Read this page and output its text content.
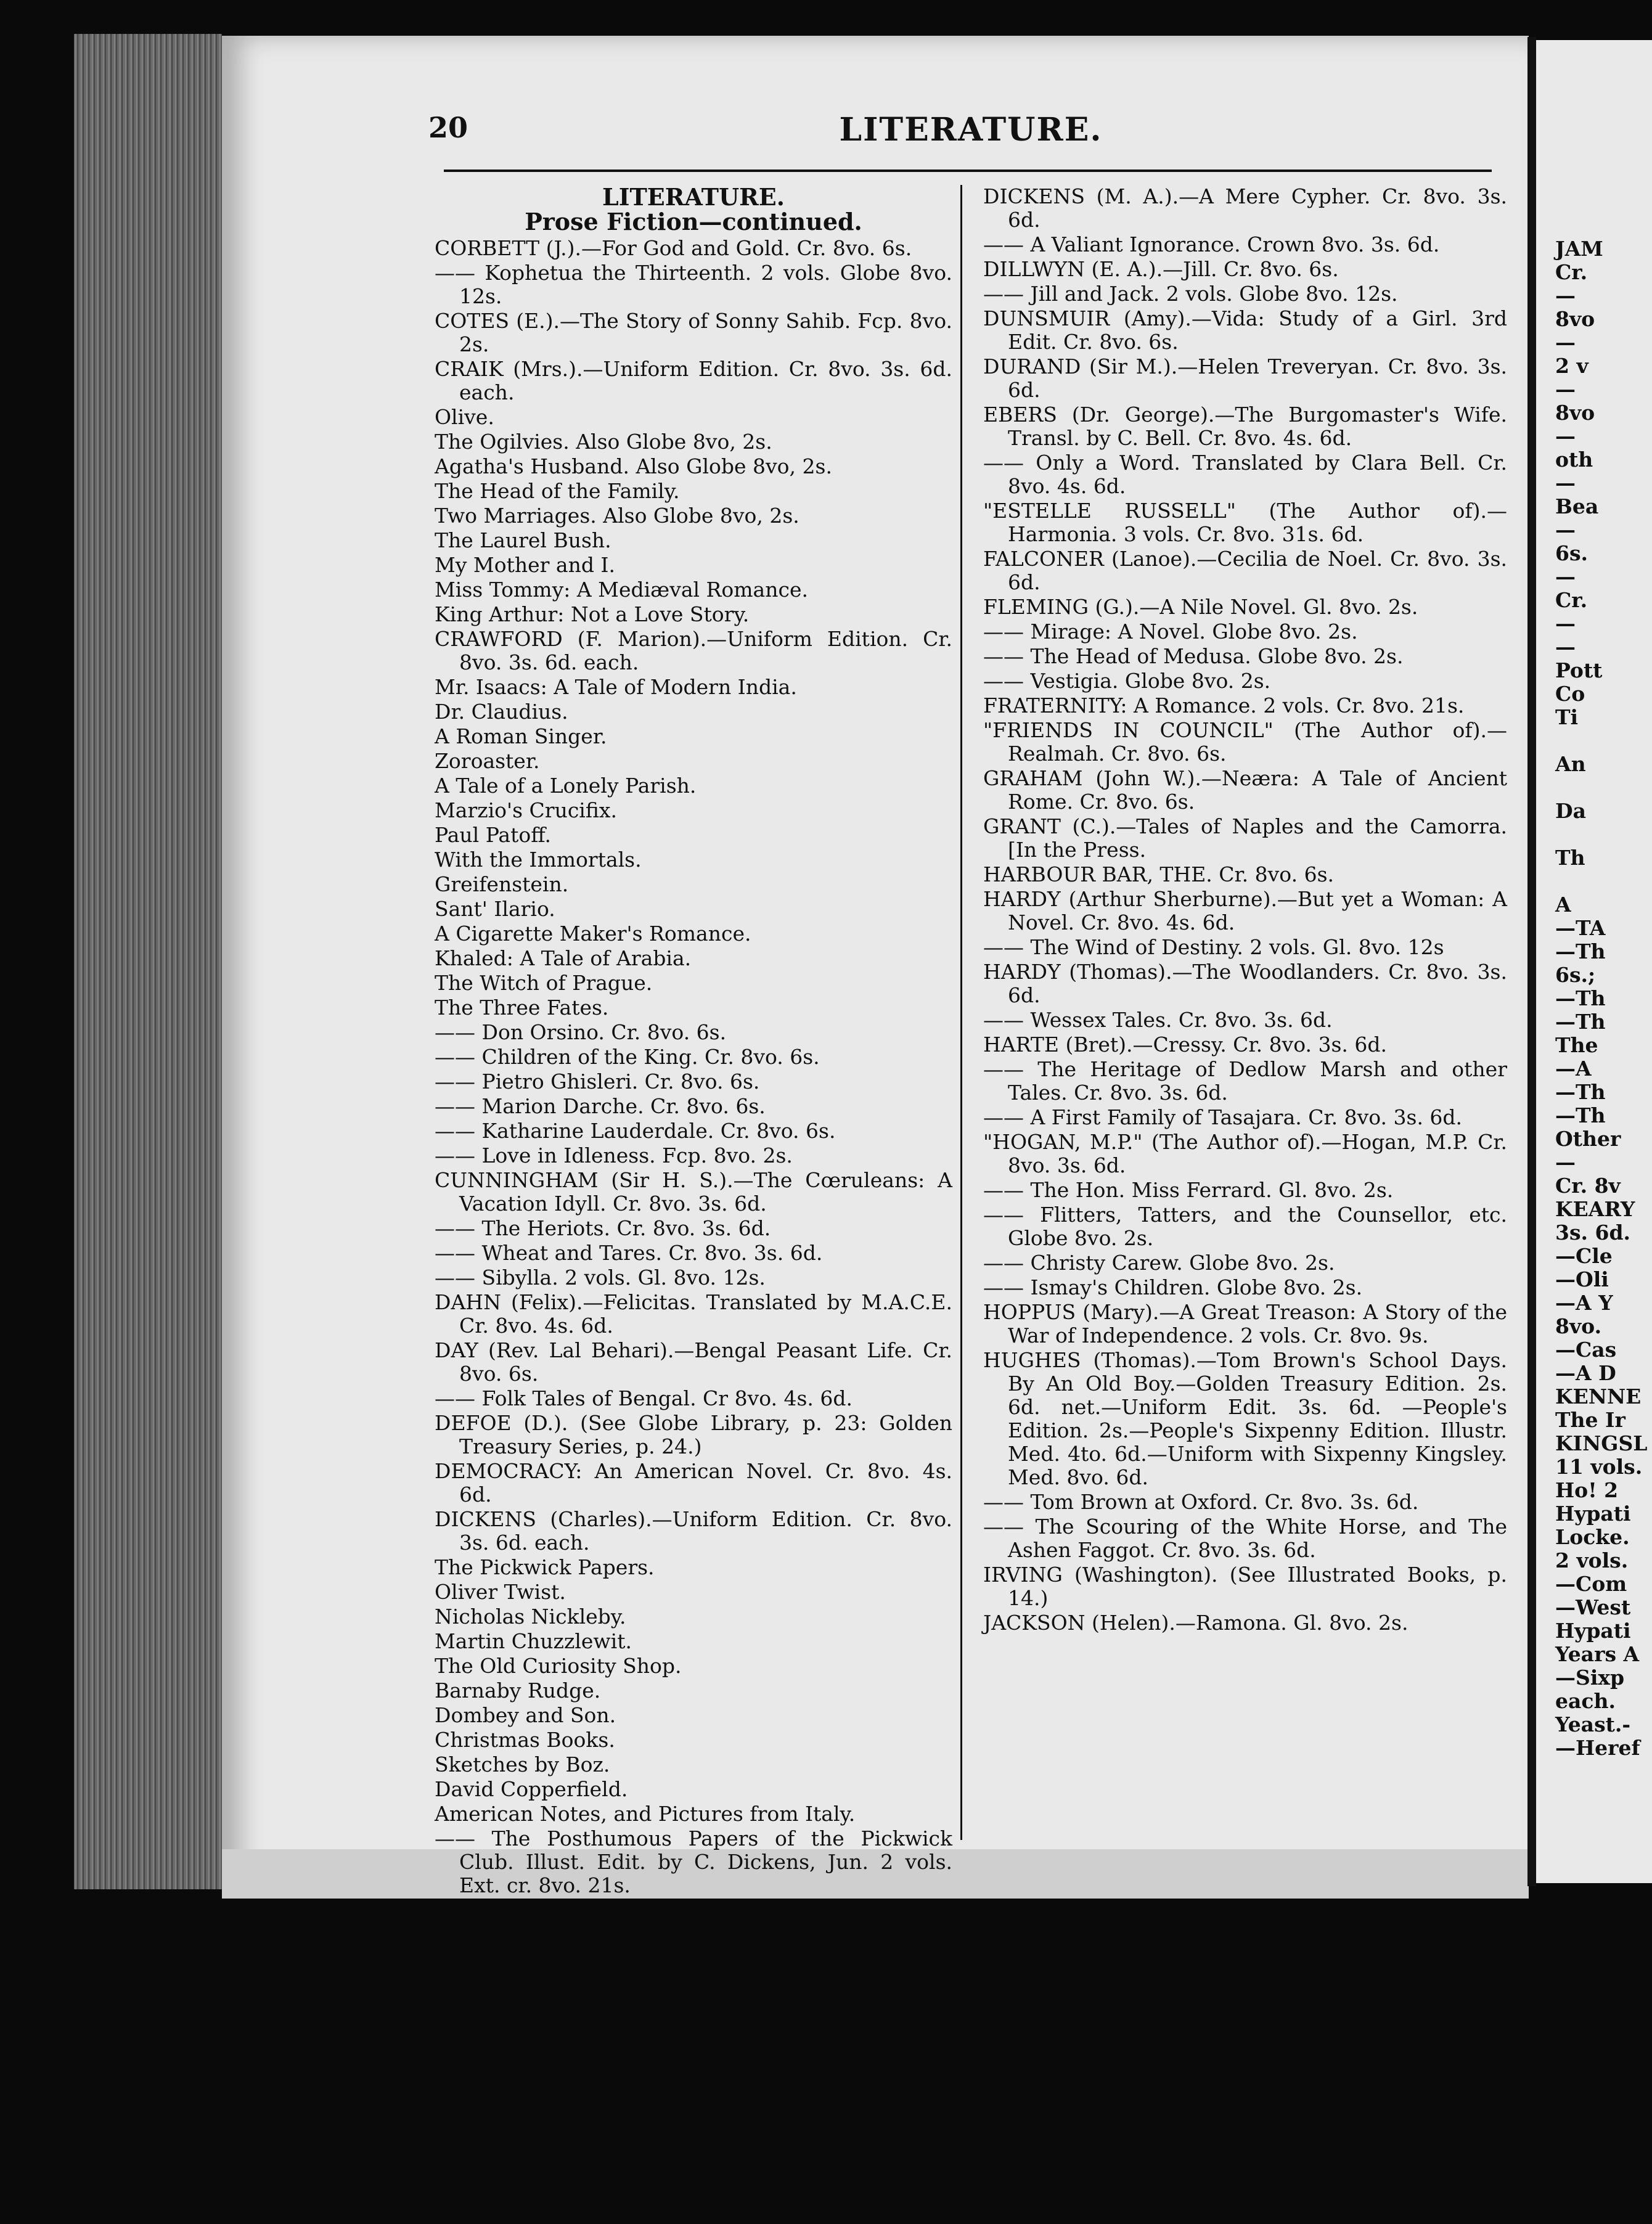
JAM
Cr.
—
8vo
—
2 v
—
8vo
—
oth
—
Bea
—
6s.
—
Cr.
—
—
Pott
Co
Ti

An

Da

Th

A
—TA
—Th
6s.;
—Th
—Th
The
—A
—Th
—Th
Other
—
Cr. 8v
KEARY
3s. 6d.
—Cle
—Oli
—A Y
8vo.
—Cas
—A D
KENNE
The Ir
KINGSL
11 vols.
Ho! 2
Hypati
Locke.
2 vols.
—Com
—West
Hypati
Years A
—Sixp
each.
Yeast.-
—Heref
20	LITERATURE.
LITERATURE.
Prose Fiction—continued.
CORBETT (J.).—For God and Gold. Cr. 8vo. 6s.
—— Kophetua the Thirteenth. 2 vols. Globe 8vo. 12s.
COTES (E.).—The Story of Sonny Sahib. Fcp. 8vo. 2s.
CRAIK (Mrs.).—Uniform Edition. Cr. 8vo. 3s. 6d. each.
Olive.
The Ogilvies. Also Globe 8vo, 2s.
Agatha's Husband. Also Globe 8vo, 2s.
The Head of the Family.
Two Marriages. Also Globe 8vo, 2s.
The Laurel Bush.
My Mother and I.
Miss Tommy: A Mediæval Romance.
King Arthur: Not a Love Story.
CRAWFORD (F. Marion).—Uniform Edition. Cr. 8vo. 3s. 6d. each.
Mr. Isaacs: A Tale of Modern India.
Dr. Claudius.
A Roman Singer.
Zoroaster.
A Tale of a Lonely Parish.
Marzio's Crucifix.
Paul Patoff.
With the Immortals.
Greifenstein.
Sant' Ilario.
A Cigarette Maker's Romance.
Khaled: A Tale of Arabia.
The Witch of Prague.
The Three Fates.
—— Don Orsino. Cr. 8vo. 6s.
—— Children of the King. Cr. 8vo. 6s.
—— Pietro Ghisleri. Cr. 8vo. 6s.
—— Marion Darche. Cr. 8vo. 6s.
—— Katharine Lauderdale. Cr. 8vo. 6s.
—— Love in Idleness. Fcp. 8vo. 2s.
CUNNINGHAM (Sir H. S.).—The Cœruleans: A Vacation Idyll. Cr. 8vo. 3s. 6d.
—— The Heriots. Cr. 8vo. 3s. 6d.
—— Wheat and Tares. Cr. 8vo. 3s. 6d.
—— Sibylla. 2 vols. Gl. 8vo. 12s.
DAHN (Felix).—Felicitas. Translated by M.A.C.E. Cr. 8vo. 4s. 6d.
DAY (Rev. Lal Behari).—Bengal Peasant Life. Cr. 8vo. 6s.
—— Folk Tales of Bengal. Cr 8vo. 4s. 6d.
DEFOE (D.). (See Globe Library, p. 23: Golden Treasury Series, p. 24.)
DEMOCRACY: An American Novel. Cr. 8vo. 4s. 6d.
DICKENS (Charles).—Uniform Edition. Cr. 8vo. 3s. 6d. each.
The Pickwick Papers.
Oliver Twist.
Nicholas Nickleby.
Martin Chuzzlewit.
The Old Curiosity Shop.
Barnaby Rudge.
Dombey and Son.
Christmas Books.
Sketches by Boz.
David Copperfield.
American Notes, and Pictures from Italy.
—— The Posthumous Papers of the Pickwick Club. Illust. Edit. by C. Dickens, Jun. 2 vols. Ext. cr. 8vo. 21s.
DICKENS (M. A.).—A Mere Cypher. Cr. 8vo. 3s. 6d.
—— A Valiant Ignorance. Crown 8vo. 3s. 6d.
DILLWYN (E. A.).—Jill. Cr. 8vo. 6s.
—— Jill and Jack. 2 vols. Globe 8vo. 12s.
DUNSMUIR (Amy).—Vida: Study of a Girl. 3rd Edit. Cr. 8vo. 6s.
DURAND (Sir M.).—Helen Treveryan. Cr. 8vo. 3s. 6d.
EBERS (Dr. George).—The Burgomaster's Wife. Transl. by C. Bell. Cr. 8vo. 4s. 6d.
—— Only a Word. Translated by Clara Bell. Cr. 8vo. 4s. 6d.
"ESTELLE RUSSELL" (The Author of).—Harmonia. 3 vols. Cr. 8vo. 31s. 6d.
FALCONER (Lanoe).—Cecilia de Noel. Cr. 8vo. 3s. 6d.
FLEMING (G.).—A Nile Novel. Gl. 8vo. 2s.
—— Mirage: A Novel. Globe 8vo. 2s.
—— The Head of Medusa. Globe 8vo. 2s.
—— Vestigia. Globe 8vo. 2s.
FRATERNITY: A Romance. 2 vols. Cr. 8vo. 21s.
"FRIENDS IN COUNCIL" (The Author of).—Realmah. Cr. 8vo. 6s.
GRAHAM (John W.).—Neæra: A Tale of Ancient Rome. Cr. 8vo. 6s.
GRANT (C.).—Tales of Naples and the Camorra. [In the Press.
HARBOUR BAR, THE. Cr. 8vo. 6s.
HARDY (Arthur Sherburne).—But yet a Woman: A Novel. Cr. 8vo. 4s. 6d.
—— The Wind of Destiny. 2 vols. Gl. 8vo. 12s
HARDY (Thomas).—The Woodlanders. Cr. 8vo. 3s. 6d.
—— Wessex Tales. Cr. 8vo. 3s. 6d.
HARTE (Bret).—Cressy. Cr. 8vo. 3s. 6d.
—— The Heritage of Dedlow Marsh and other Tales. Cr. 8vo. 3s. 6d.
—— A First Family of Tasajara. Cr. 8vo. 3s. 6d.
"HOGAN, M.P." (The Author of).—Hogan, M.P. Cr. 8vo. 3s. 6d.
—— The Hon. Miss Ferrard. Gl. 8vo. 2s.
—— Flitters, Tatters, and the Counsellor, etc. Globe 8vo. 2s.
—— Christy Carew. Globe 8vo. 2s.
—— Ismay's Children. Globe 8vo. 2s.
HOPPUS (Mary).—A Great Treason: A Story of the War of Independence. 2 vols. Cr. 8vo. 9s.
HUGHES (Thomas).—Tom Brown's School Days. By An Old Boy.—Golden Treasury Edition. 2s. 6d. net.—Uniform Edit. 3s. 6d. —People's Edition. 2s.—People's Sixpenny Edition. Illustr. Med. 4to. 6d.—Uniform with Sixpenny Kingsley. Med. 8vo. 6d.
—— Tom Brown at Oxford. Cr. 8vo. 3s. 6d.
—— The Scouring of the White Horse, and The Ashen Faggot. Cr. 8vo. 3s. 6d.
IRVING (Washington). (See Illustrated Books, p. 14.)
JACKSON (Helen).—Ramona. Gl. 8vo. 2s.
